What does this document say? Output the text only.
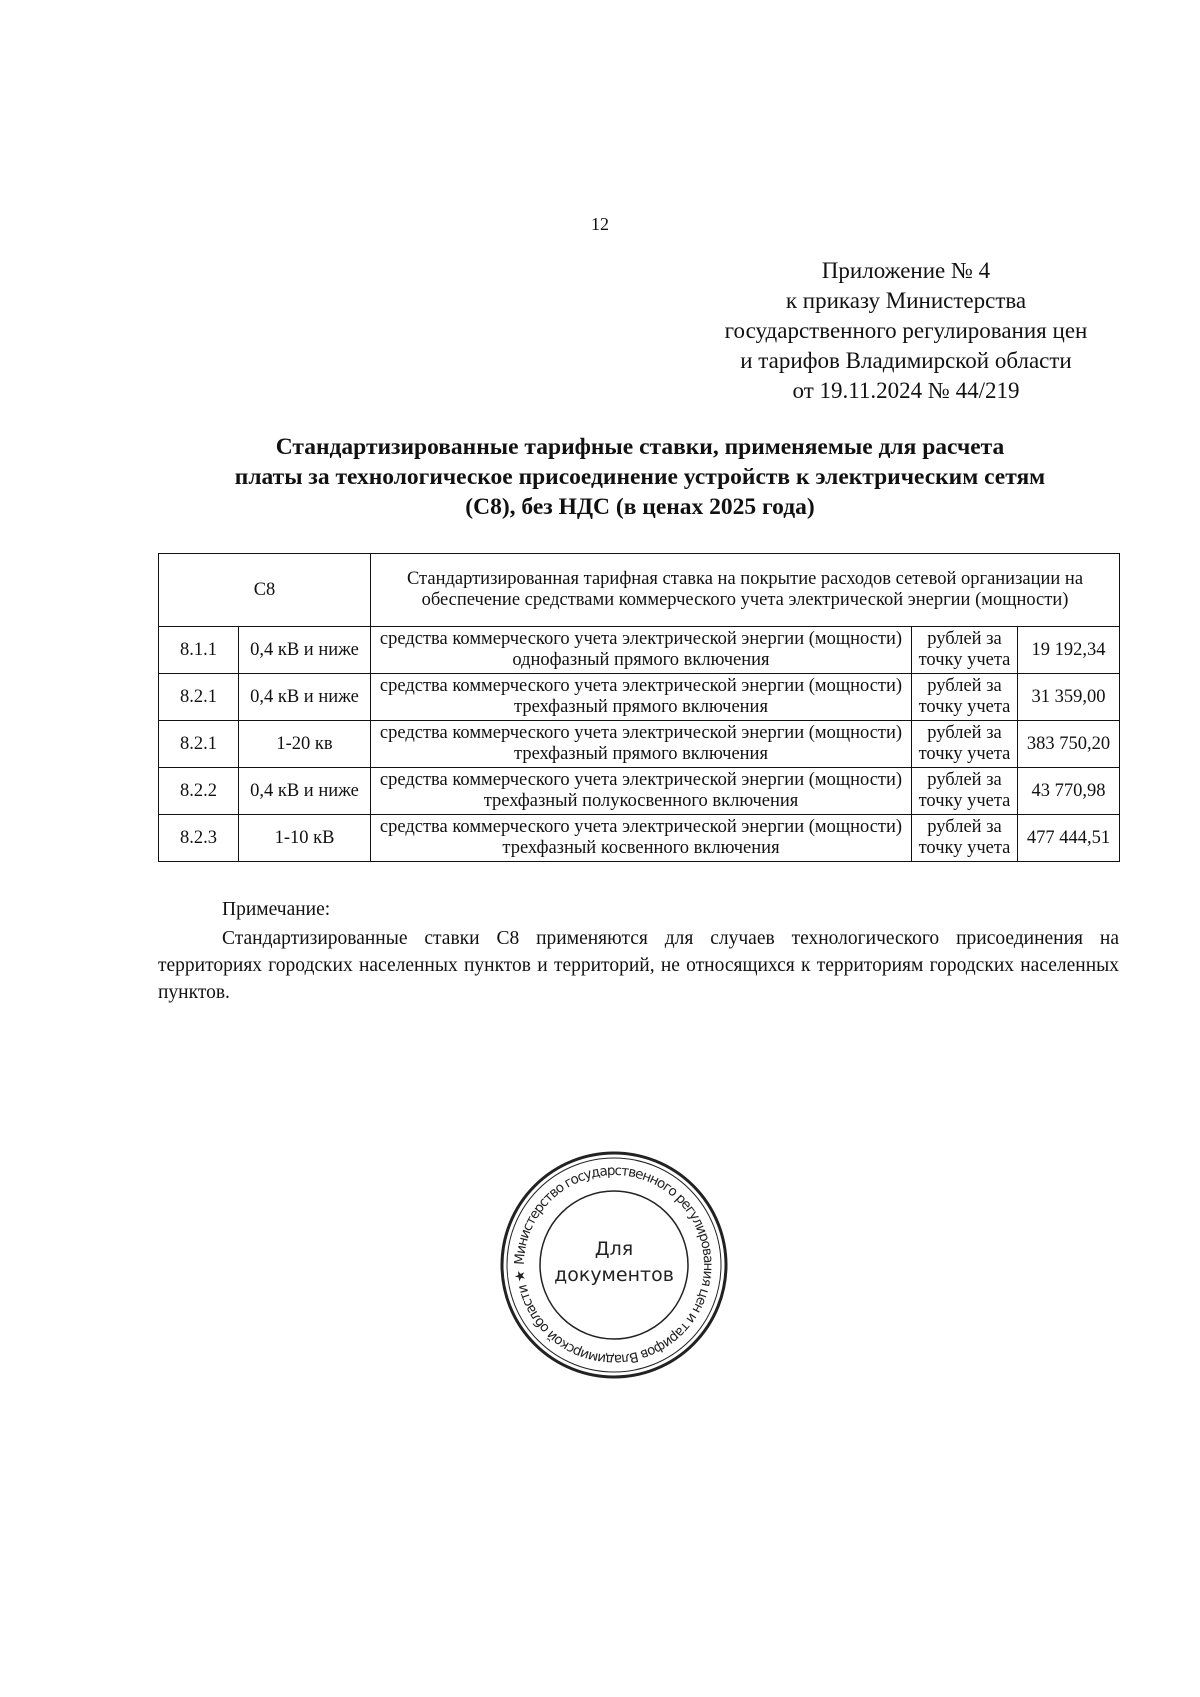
12
Приложение № 4
к приказу Министерства
государственного регулирования цен
и тарифов Владимирской области
от 19.11.2024 № 44/219
Стандартизированные тарифные ставки, применяемые для расчета
платы за технологическое присоединение устройств к электрическим сетям
(С8), без НДС (в ценах 2025 года)
С8		Стандартизированная тарифная ставка на покрытие расходов сетевой организации на обеспечение средствами коммерческого учета электрической энергии (мощности)		
8.1.1	0,4 кВ и ниже	средства коммерческого учета электрической энергии (мощности) однофазный прямого включения	рублей за точку учета	19 192,34
8.2.1	0,4 кВ и ниже	средства коммерческого учета электрической энергии (мощности) трехфазный прямого включения	рублей за точку учета	31 359,00
8.2.1	1-20 кв	средства коммерческого учета электрической энергии (мощности) трехфазный прямого включения	рублей за точку учета	383 750,20
8.2.2	0,4 кВ и ниже	средства коммерческого учета электрической энергии (мощности) трехфазный полукосвенного включения	рублей за точку учета	43 770,98
8.2.3	1-10 кВ	средства коммерческого учета электрической энергии (мощности) трехфазный косвенного включения	рублей за точку учета	477 444,51
Примечание:
Стандартизированные ставки С8 применяются для случаев технологического присоединения на территориях городских населенных пунктов и территорий, не относящихся к территориям городских населенных пунктов.
Министерство государственного регулирования цен и тарифов Владимирской области ★
Для
документов
